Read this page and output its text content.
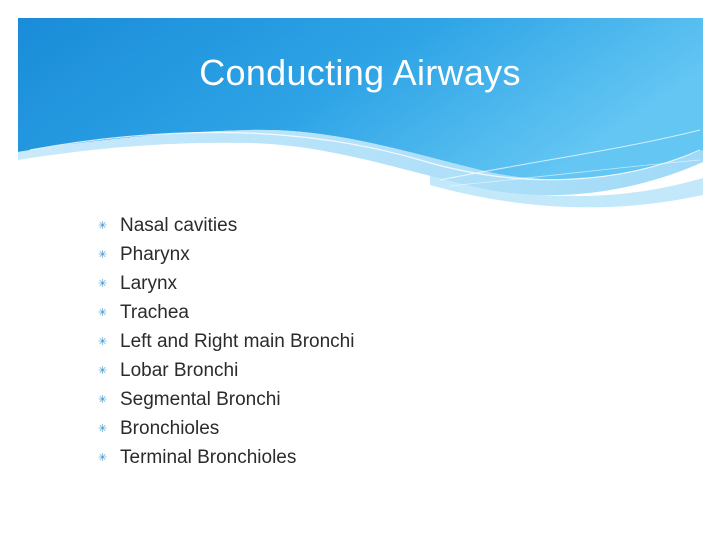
Conducting Airways
✳ Nasal cavities
✳ Pharynx
✳ Larynx
✳ Trachea
✳ Left and Right main Bronchi
✳ Lobar Bronchi
✳ Segmental Bronchi
✳ Bronchioles
✳ Terminal Bronchioles
